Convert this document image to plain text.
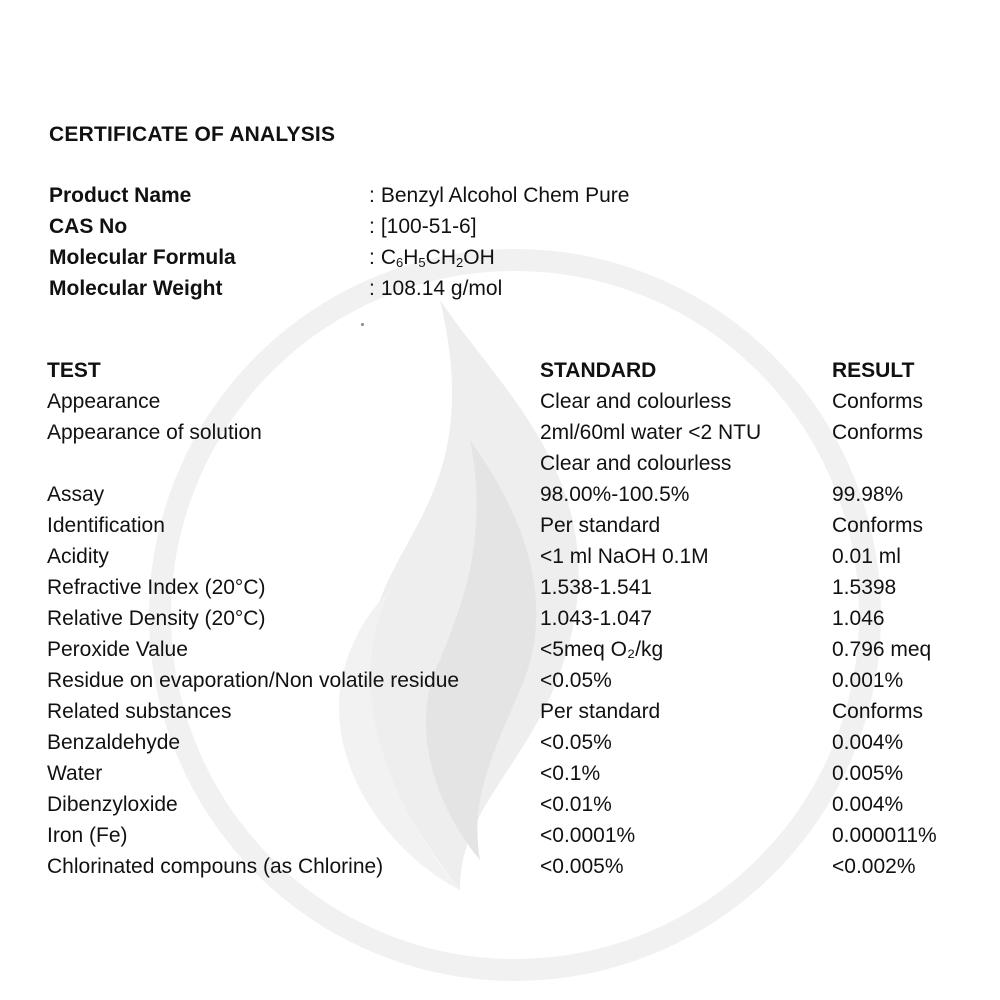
CERTIFICATE OF ANALYSIS
Product Name	: Benzyl Alcohol Chem Pure
CAS No	: [100-51-6]
Molecular Formula	: $C_6H_5CH_2OH$
Molecular Weight	: 108.14 g/mol
TEST	STANDARD	RESULT
Appearance	Clear and colourless	Conforms
Appearance of solution	2ml/60ml water <2 NTU	Conforms
Clear and colourless
Assay	98.00%-100.5%	99.98%
Identification	Per standard	Conforms
Acidity	<1 ml NaOH 0.1M	0.01 ml
Refractive Index (20°C)	1.538-1.541	1.5398
Relative Density (20°C)	1.043-1.047	1.046
Peroxide Value	<5meq O₂/kg	0.796 meq
Residue on evaporation/Non volatile residue	<0.05%	0.001%
Related substances	Per standard	Conforms
Benzaldehyde	<0.05%	0.004%
Water	<0.1%	0.005%
Dibenzyloxide	<0.01%	0.004%
Iron (Fe)	<0.0001%	0.000011%
Chlorinated compouns (as Chlorine)	<0.005%	<0.002%
